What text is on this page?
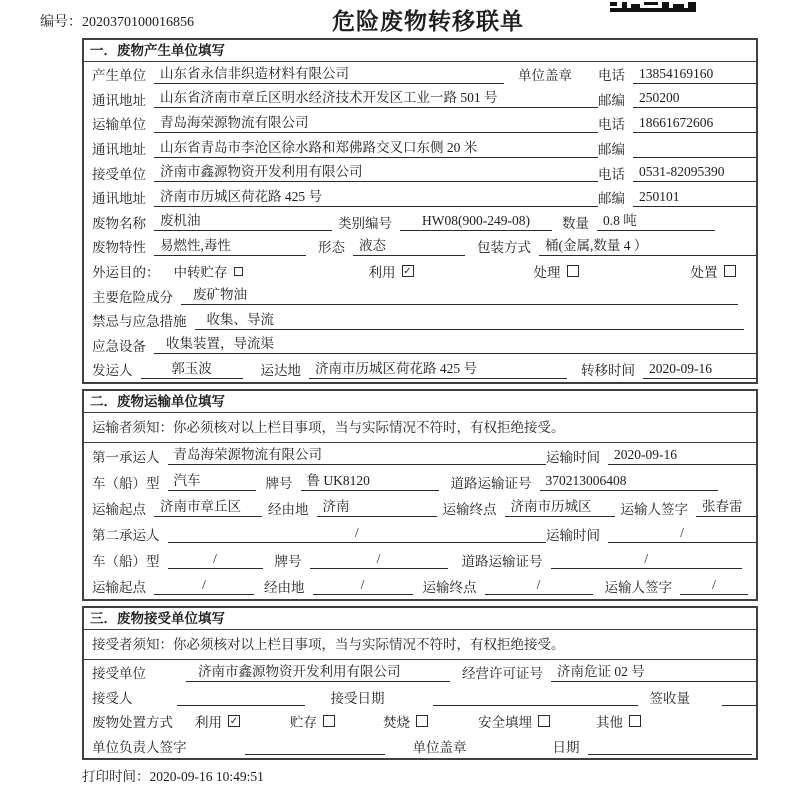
编号：2020370100016856	危险废物转移联单
一．废物产生单位填写
产生单位	山东省永信非织造材料有限公司	单位盖章 电话	13854169160
通讯地址	山东省济南市章丘区明水经济技术开发区工业一路 501 号	邮编	250200
运输单位	青岛海荣源物流有限公司	电话	18661672606
通讯地址	山东省青岛市李沧区徐水路和郑佛路交叉口东侧 20 米	邮编
接受单位	济南市鑫源物资开发利用有限公司	电话	0531-82095390
通讯地址	济南市历城区荷花路 425 号	邮编	250101
废物名称	废机油	类别编号	HW08(900-249-08)	数量	0.8 吨
废物特性	易燃性,毒性	形态	液态	包装方式	桶(金属,数量 4 ）
外运目的： 中转贮存	利用 ✓	处理	处置
主要危险成分	废矿物油
禁忌与应急措施	收集、导流
应急设备	收集装置，导流渠
发运人	郭玉波	运达地	济南市历城区荷花路 425 号	转移时间	2020-09-16
二．废物运输单位填写
运输者须知：你必须核对以上栏目事项，当与实际情况不符时，有权拒绝接受。
第一承运人	青岛海荣源物流有限公司	运输时间	2020-09-16
车（船）型	汽车	牌号	鲁 UK8120	道路运输证号	370213006408
运输起点	济南市章丘区	经由地	济南	运输终点	济南市历城区	运输人签字	张春雷
第二承运人	/	运输时间	/
车（船）型	/	牌号	/	道路运输证号	/
运输起点	/	经由地	/	运输终点	/	运输人签字	/
三．废物接受单位填写
接受者须知：你必须核对以上栏目事项，当与实际情况不符时，有权拒绝接受。
接受单位	济南市鑫源物资开发利用有限公司	经营许可证号	济南危证 02 号
接受人	接受日期	签收量
废物处置方式 利用 ✓	贮存	焚烧	安全填埋	其他
单位负责人签字	单位盖章	日期
打印时间：2020-09-16 10:49:51
